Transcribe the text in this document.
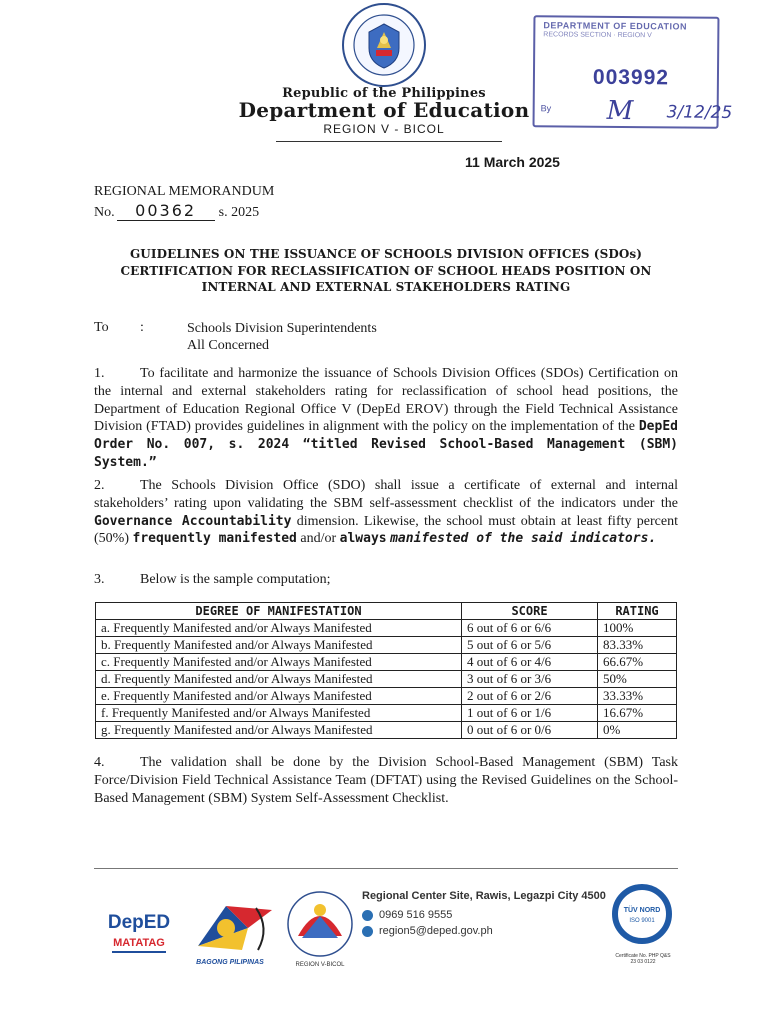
DEPARTMENT OF EDUCATION
RECORDS SECTION · REGION V
003992
By M 3/12/25
Republic of the Philippines
Department of Education
REGION V - BICOL
11 March 2025
REGIONAL MEMORANDUM
No. 00362 s. 2025
GUIDELINES ON THE ISSUANCE OF SCHOOLS DIVISION OFFICES (SDOs) CERTIFICATION FOR RECLASSIFICATION OF SCHOOL HEADS POSITION ON INTERNAL AND EXTERNAL STAKEHOLDERS RATING
To :	Schools Division Superintendents
All Concerned
1.	To facilitate and harmonize the issuance of Schools Division Offices (SDOs) Certification on the internal and external stakeholders rating for reclassification of school head positions, the Department of Education Regional Office V (DepEd EROV) through the Field Technical Assistance Division (FTAD) provides guidelines in alignment with the policy on the implementation of the DepEd Order No. 007, s. 2024 “titled Revised School-Based Management (SBM) System.”
2.	The Schools Division Office (SDO) shall issue a certificate of external and internal stakeholders’ rating upon validating the SBM self-assessment checklist of the indicators under the Governance Accountability dimension. Likewise, the school must obtain at least fifty percent (50%) frequently manifested and/or always manifested of the said indicators.
3.	Below is the sample computation;
DEGREE OF MANIFESTATION	SCORE	RATING
a. Frequently Manifested and/or Always Manifested	6 out of 6 or 6/6	100%
b. Frequently Manifested and/or Always Manifested	5 out of 6 or 5/6	83.33%
c. Frequently Manifested and/or Always Manifested	4 out of 6 or 4/6	66.67%
d. Frequently Manifested and/or Always Manifested	3 out of 6 or 3/6	50%
e. Frequently Manifested and/or Always Manifested	2 out of 6 or 2/6	33.33%
f. Frequently Manifested and/or Always Manifested	1 out of 6 or 1/6	16.67%
g. Frequently Manifested and/or Always Manifested	0 out of 6 or 0/6	0%
4.	The validation shall be done by the Division School-Based Management (SBM) Task Force/Division Field Technical Assistance Team (DFTAT) using the Revised Guidelines on the School-Based Management (SBM) System Self-Assessment Checklist.
DepED
MATATAG
BAGONG PILIPINAS	REGION V-BICOL
Regional Center Site, Rawis, Legazpi City 4500
0969 516 9555
region5@deped.gov.ph
TÜV NORD
ISO 9001
Certificate No. PHP Q&S 23 03 0122
